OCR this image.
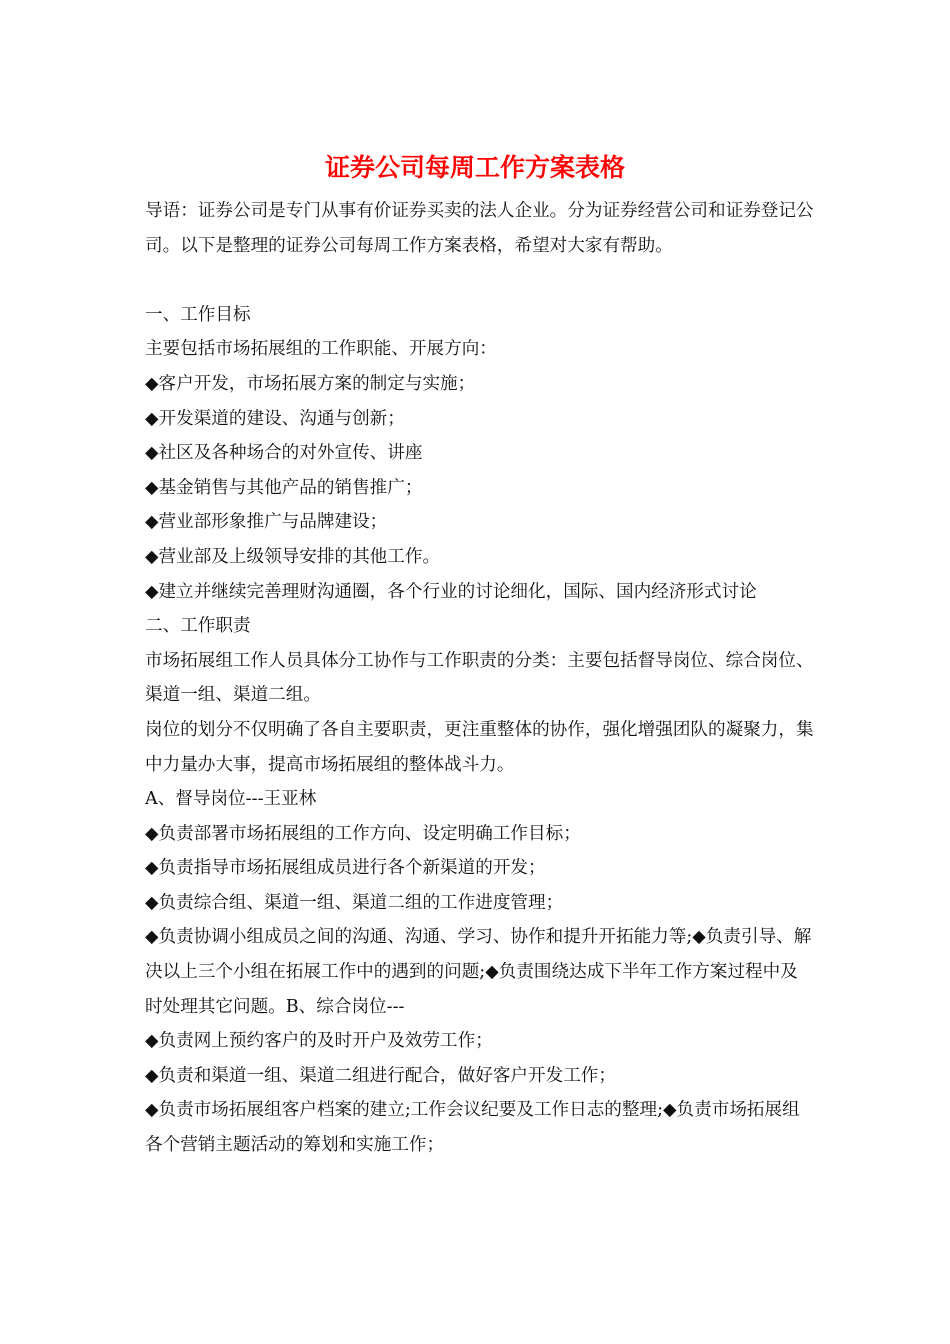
证券公司每周工作方案表格

导语：证券公司是专门从事有价证券买卖的法人企业。分为证券经营公司和证券登记公司。以下是整理的证券公司每周工作方案表格，希望对大家有帮助。

一、工作目标

主要包括市场拓展组的工作职能、开展方向：

◆客户开发，市场拓展方案的制定与实施；

◆开发渠道的建设、沟通与创新；

◆社区及各种场合的对外宣传、讲座

◆基金销售与其他产品的销售推广；

◆营业部形象推广与品牌建设；

◆营业部及上级领导安排的其他工作。

◆建立并继续完善理财沟通圈，各个行业的讨论细化，国际、国内经济形式讨论

二、工作职责

市场拓展组工作人员具体分工协作与工作职责的分类：主要包括督导岗位、综合岗位、渠道一组、渠道二组。

岗位的划分不仅明确了各自主要职责，更注重整体的协作，强化增强团队的凝聚力，集中力量办大事，提高市场拓展组的整体战斗力。

A、督导岗位---王亚林

◆负责部署市场拓展组的工作方向、设定明确工作目标；

◆负责指导市场拓展组成员进行各个新渠道的开发；

◆负责综合组、渠道一组、渠道二组的工作进度管理；

◆负责协调小组成员之间的沟通、沟通、学习、协作和提升开拓能力等;◆负责引导、解决以上三个小组在拓展工作中的遇到的问题;◆负责围绕达成下半年工作方案过程中及时处理其它问题。B、综合岗位---

◆负责网上预约客户的及时开户及效劳工作；

◆负责和渠道一组、渠道二组进行配合，做好客户开发工作；

◆负责市场拓展组客户档案的建立;工作会议纪要及工作日志的整理;◆负责市场拓展组各个营销主题活动的筹划和实施工作；
